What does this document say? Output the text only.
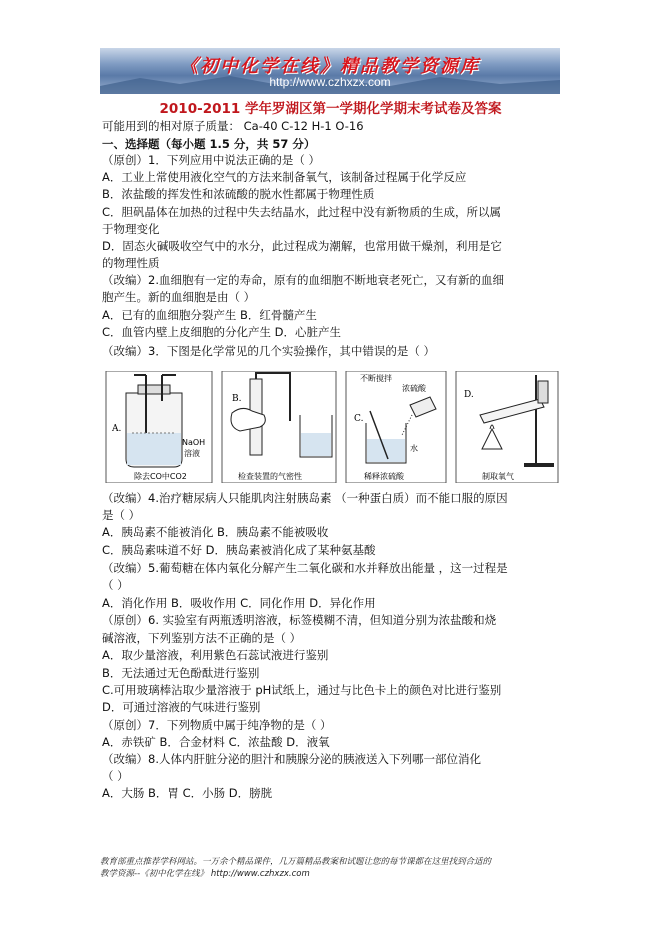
《初中化学在线》精品教学资源库
http://www.czhxzx.com
2010-2011 学年罗湖区第一学期化学期末考试卷及答案
可能用到的相对原子质量： Ca-40 C-12 H-1 O-16
一、选择题（每小题 1.5 分，共 57 分）
（原创）1．下列应用中说法正确的是（ ）
A．工业上常使用液化空气的方法来制备氧气，该制备过程属于化学反应
B．浓盐酸的挥发性和浓硫酸的脱水性都属于物理性质
C．胆矾晶体在加热的过程中失去结晶水，此过程中没有新物质的生成，所以属
于物理变化
D．固态火碱吸收空气中的水分，此过程成为潮解，也常用做干燥剂，利用是它
的物理性质
（改编）2.血细胞有一定的寿命，原有的血细胞不断地衰老死亡，又有新的血细
胞产生。新的血细胞是由（ ）
A．已有的血细胞分裂产生 B．红骨髓产生
C．血管内壁上皮细胞的分化产生 D．心脏产生
（改编）3．下图是化学常见的几个实验操作，其中错误的是（ ）
A.
NaOH
溶液
除去CO中CO2
B.
检查装置的气密性
不断搅拌
C.
浓硫酸
水
稀释浓硫酸
D.
制取氧气
（改编）4.治疗糖尿病人只能肌肉注射胰岛素 （一种蛋白质）而不能口服的原因
是（ ）
A．胰岛素不能被消化 B．胰岛素不能被吸收
C．胰岛素味道不好 D．胰岛素被消化成了某种氨基酸
（改编）5.葡萄糖在体内氧化分解产生二氧化碳和水并释放出能量 ，这一过程是
（ ）
A．消化作用 B．吸收作用 C．同化作用 D．异化作用
（原创）6. 实验室有两瓶透明溶液，标签模糊不清，但知道分别为浓盐酸和烧
碱溶液，下列鉴别方法不正确的是（ ）
A．取少量溶液，利用紫色石蕊试液进行鉴别
B．无法通过无色酚酞进行鉴别
C.可用玻璃棒沾取少量溶液于 pH试纸上，通过与比色卡上的颜色对比进行鉴别
D．可通过溶液的气味进行鉴别
（原创）7．下列物质中属于纯净物的是（ ）
A．赤铁矿 B．合金材料 C．浓盐酸 D．液氧
（改编）8.人体内肝脏分泌的胆汁和胰腺分泌的胰液送入下列哪一部位消化
（ ）
A．大肠 B．胃 C．小肠 D．膀胱
教育部重点推荐学科网站。一万余个精品课件，几万篇精品教案和试题让您的每节课都在这里找到合适的
教学资源--《初中化学在线》 http://www.czhxzx.com
